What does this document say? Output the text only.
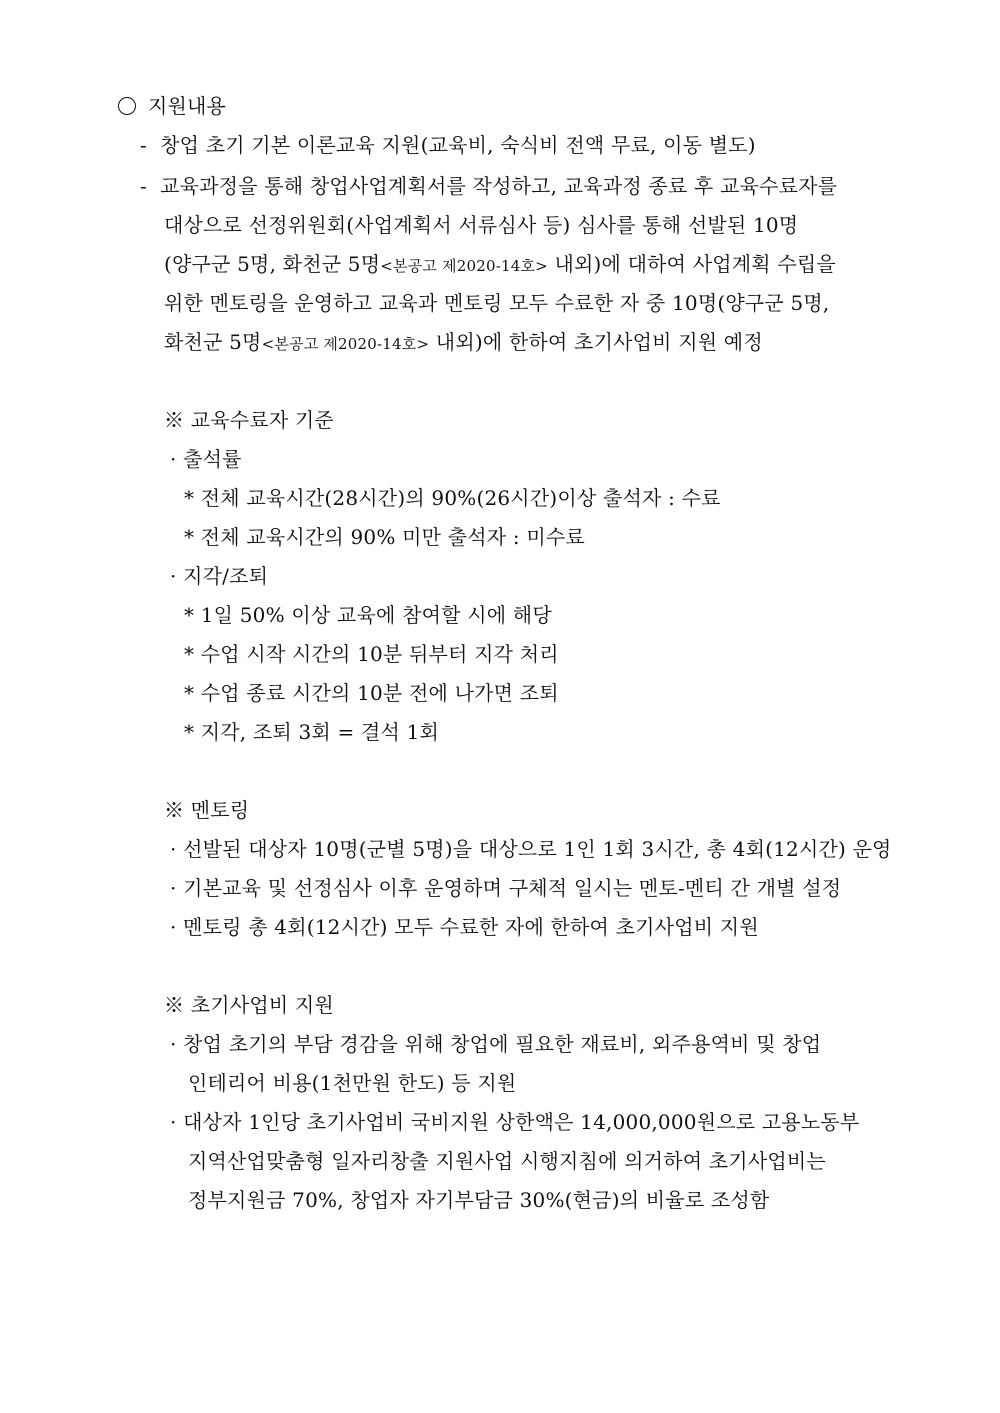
지원내용
- 창업 초기 기본 이론교육 지원(교육비, 숙식비 전액 무료, 이동 별도)
- 교육과정을 통해 창업사업계획서를 작성하고, 교육과정 종료 후 교육수료자를
대상으로 선정위원회(사업계획서 서류심사 등) 심사를 통해 선발된 10명
(양구군 5명, 화천군 5명<본공고 제2020-14호> 내외)에 대하여 사업계획 수립을
위한 멘토링을 운영하고 교육과 멘토링 모두 수료한 자 중 10명(양구군 5명,
화천군 5명<본공고 제2020-14호> 내외)에 한하여 초기사업비 지원 예정
※ 교육수료자 기준
· 출석률
* 전체 교육시간(28시간)의 90%(26시간)이상 출석자 : 수료
* 전체 교육시간의 90% 미만 출석자 : 미수료
· 지각/조퇴
* 1일 50% 이상 교육에 참여할 시에 해당
* 수업 시작 시간의 10분 뒤부터 지각 처리
* 수업 종료 시간의 10분 전에 나가면 조퇴
* 지각, 조퇴 3회 = 결석 1회
※ 멘토링
· 선발된 대상자 10명(군별 5명)을 대상으로 1인 1회 3시간, 총 4회(12시간) 운영
· 기본교육 및 선정심사 이후 운영하며 구체적 일시는 멘토-멘티 간 개별 설정
· 멘토링 총 4회(12시간) 모두 수료한 자에 한하여 초기사업비 지원
※ 초기사업비 지원
· 창업 초기의 부담 경감을 위해 창업에 필요한 재료비, 외주용역비 및 창업
인테리어 비용(1천만원 한도) 등 지원
· 대상자 1인당 초기사업비 국비지원 상한액은 14,000,000원으로 고용노동부
지역산업맞춤형 일자리창출 지원사업 시행지침에 의거하여 초기사업비는
정부지원금 70%, 창업자 자기부담금 30%(현금)의 비율로 조성함
